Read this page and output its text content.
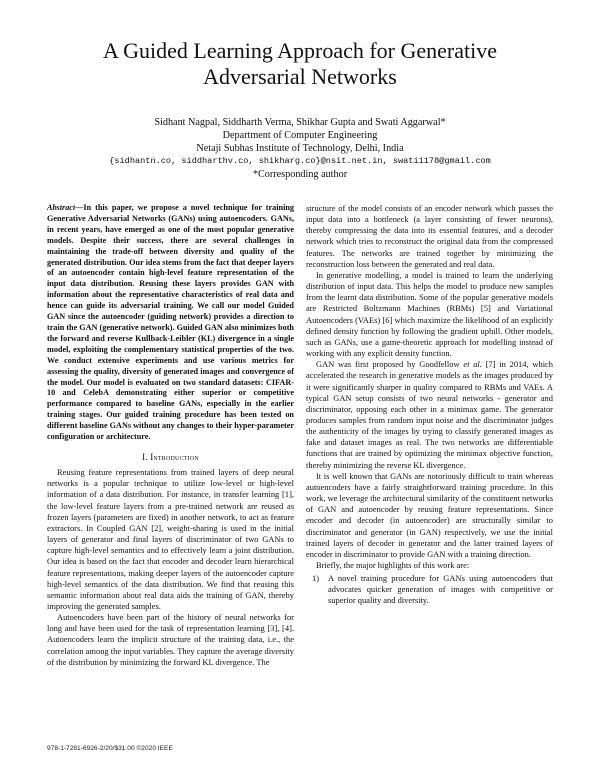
A Guided Learning Approach for Generative
Adversarial Networks
Sidhant Nagpal, Siddharth Verma, Shikhar Gupta and Swati Aggarwal*
Department of Computer Engineering
Netaji Subhas Institute of Technology, Delhi, India
{sidhantn.co, siddharthv.co, shikharg.co}@nsit.net.in, swati1178@gmail.com
*Corresponding author

Abstract—In this paper, we propose a novel technique for training Generative Adversarial Networks (GANs) using autoencoders. GANs, in recent years, have emerged as one of the most popular generative models. Despite their success, there are several challenges in maintaining the trade-off between diversity and quality of the generated distribution. Our idea stems from the fact that deeper layers of an autoencoder contain high-level feature representation of the input data distribution. Reusing these layers provides GAN with information about the representative characteristics of real data and hence can guide its adversarial training. We call our model Guided GAN since the autoencoder (guiding network) provides a direction to train the GAN (generative network). Guided GAN also minimizes both the forward and reverse Kullback-Leibler (KL) divergence in a single model, exploiting the complementary statistical properties of the two. We conduct extensive experiments and use various metrics for assessing the quality, diversity of generated images and convergence of the model. Our model is evaluated on two standard datasets: CIFAR-10 and CelebA demonstrating either superior or competitive performance compared to baseline GANs, especially in the earlier training stages. Our guided training procedure has been tested on different baseline GANs without any changes to their hyper-parameter configuration or architecture.

I. Introduction

Reusing feature representations from trained layers of deep neural networks is a popular technique to utilize low-level or high-level information of a data distribution. For instance, in transfer learning [1], the low-level feature layers from a pre-trained network are reused as frozen layers (parameters are fixed) in another network, to act as feature extractors. In Coupled GAN [2], weight-sharing is used in the initial layers of generator and final layers of discriminator of two GANs to capture high-level semantics and to effectively learn a joint distribution. Our idea is based on the fact that encoder and decoder learn hierarchical feature representations, making deeper layers of the autoencoder capture high-level semantics of the data distribution. We find that reusing this semantic information about real data aids the training of GAN, thereby improving the generated samples.

Autoencoders have been part of the history of neural networks for long and have been used for the task of representation learning [3], [4]. Autoencoders learn the implicit structure of the training data, i.e., the correlation among the input variables. They capture the average diversity of the distribution by minimizing the forward KL divergence. The

structure of the model consists of an encoder network which passes the input data into a bottleneck (a layer consisting of fewer neurons), thereby compressing the data into its essential features, and a decoder network which tries to reconstruct the original data from the compressed features. The networks are trained together by minimizing the reconstruction loss between the generated and real data.

In generative modelling, a model is trained to learn the underlying distribution of input data. This helps the model to produce new samples from the learnt data distribution. Some of the popular generative models are Restricted Boltzmann Machines (RBMs) [5] and Variational Autoencoders (VAEs) [6] which maximize the likelihood of an explicitly defined density function by following the gradient uphill. Other models, such as GANs, use a game-theoretic approach for modelling instead of working with any explicit density function.

GAN was first proposed by Goodfellow et al. [7] in 2014, which accelerated the research in generative models as the images produced by it were significantly sharper in quality compared to RBMs and VAEs. A typical GAN setup consists of two neural networks - generator and discriminator, opposing each other in a minimax game. The generator produces samples from random input noise and the discriminator judges the authenticity of the images by trying to classify generated images as fake and dataset images as real. The two networks are differentiable functions that are trained by optimizing the minimax objective function, thereby minimizing the reverse KL divergence.

It is well known that GANs are notoriously difficult to train whereas autoencoders have a fairly straightforward training procedure. In this work, we leverage the architectural similarity of the constituent networks of GAN and autoencoder by reusing feature representations. Since encoder and decoder (in autoencoder) are structurally similar to discriminator and generator (in GAN) respectively, we use the initial trained layers of decoder in generator and the latter trained layers of encoder in discriminator to provide GAN with a training direction.

Briefly, the major highlights of this work are:

1)	A novel training procedure for GANs using autoencoders that advocates quicker generation of images with competitive or superior quality and diversity.
978-1-7281-6926-2/20/$31.00 ©2020 IEEE
